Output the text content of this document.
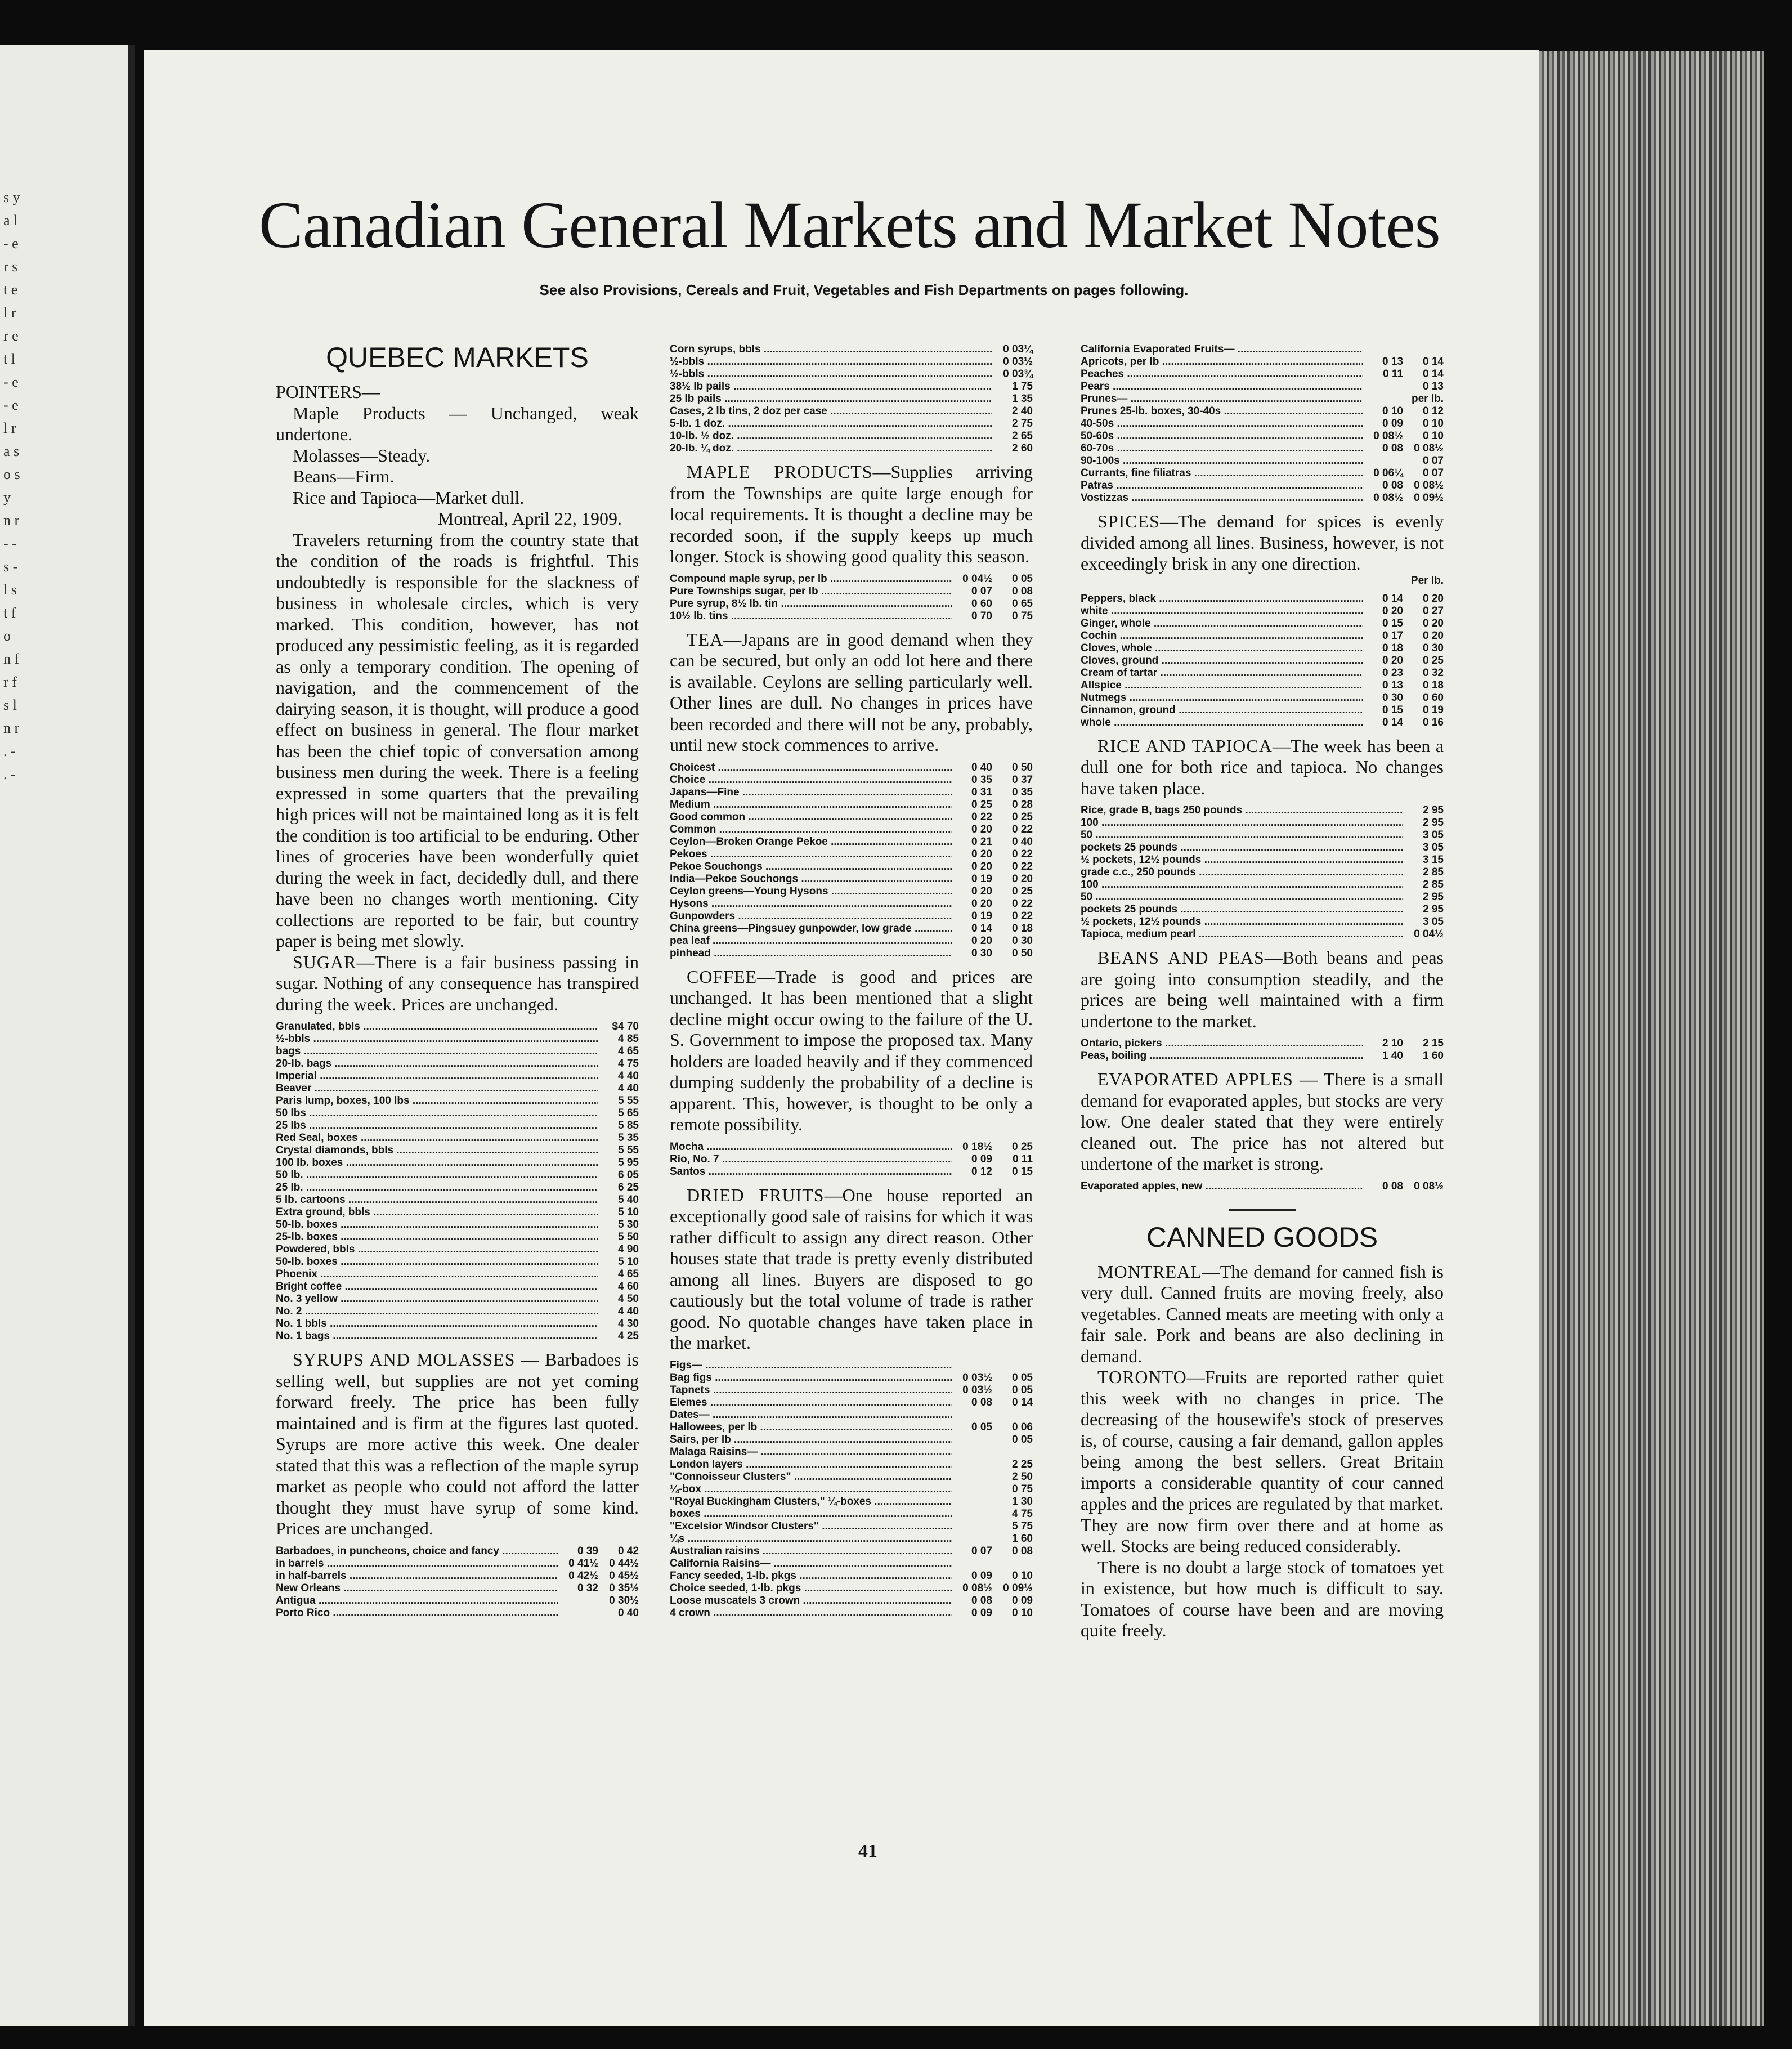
s y a l - e r s t e l r r e t l - e - e l r a s o s y n r - - s - l s t f o n f r f s l n r . - . -
Canadian General Markets and Market Notes
See also Provisions, Cereals and Fruit, Vegetables and Fish Departments on pages following.
QUEBEC MARKETS

POINTERS—

Maple Products — Unchanged, weak undertone.

Molasses—Steady.

Beans—Firm.

Rice and Tapioca—Market dull.

Montreal, April 22, 1909.

Travelers returning from the country state that the condition of the roads is frightful. This undoubtedly is responsible for the slackness of business in wholesale circles, which is very marked. This condition, however, has not produced any pessimistic feeling, as it is regarded as only a temporary condition. The opening of navigation, and the commencement of the dairying season, it is thought, will produce a good effect on business in general. The flour market has been the chief topic of conversation among business men during the week. There is a feeling expressed in some quarters that the prevailing high prices will not be maintained long as it is felt the condition is too artificial to be enduring. Other lines of groceries have been wonderfully quiet during the week in fact, decidedly dull, and there have been no changes worth mentioning. City collections are reported to be fair, but country paper is being met slowly.

SUGAR—There is a fair business passing in sugar. Nothing of any consequence has transpired during the week. Prices are unchanged.

Granulated, bbls .....	$4 70
½-bbls .....	4 85
bags .....	4 65
20-lb. bags .....	4 75
Imperial .....	4 40
Beaver .....	4 40
Paris lump, boxes, 100 lbs .....	5 55
50 lbs .....	5 65
25 lbs .....	5 85
Red Seal, boxes .....	5 35
Crystal diamonds, bbls .....	5 55
100 lb. boxes .....	5 95
50 lb. .....	6 05
25 lb. .....	6 25
5 lb. cartoons .....	5 40
Extra ground, bbls .....	5 10
50-lb. boxes .....	5 30
25-lb. boxes .....	5 50
Powdered, bbls .....	4 90
50-lb. boxes .....	5 10
Phoenix .....	4 65
Bright coffee .....	4 60
No. 3 yellow .....	4 50
No. 2 .....	4 40
No. 1 bbls .....	4 30
No. 1 bags .....	4 25

SYRUPS AND MOLASSES — Barbadoes is selling well, but supplies are not yet coming forward freely. The price has been fully maintained and is firm at the figures last quoted. Syrups are more active this week. One dealer stated that this was a reflection of the maple syrup market as people who could not afford the latter thought they must have syrup of some kind. Prices are unchanged.

Barbadoes, in puncheons, choice and fancy .....	0 39	0 42
in barrels .....	0 41½	0 44½
in half-barrels .....	0 42½	0 45½
New Orleans .....	0 32	0 35½
Antigua .....	0 30½
Porto Rico .....	0 40
Corn syrups, bbls .....	0 03¼
½-bbls .....	0 03½
½-bbls .....	0 03¾
38½ lb pails .....	1 75
25 lb pails .....	1 35
Cases, 2 lb tins, 2 doz per case .....	2 40
5-lb. 1 doz. .....	2 75
10-lb. ½ doz. .....	2 65
20-lb. ¼ doz. .....	2 60

MAPLE PRODUCTS—Supplies arriving from the Townships are quite large enough for local requirements. It is thought a decline may be recorded soon, if the supply keeps up much longer. Stock is showing good quality this season.

Compound maple syrup, per lb .....	0 04½	0 05
Pure Townships sugar, per lb .....	0 07	0 08
Pure syrup, 8½ lb. tin .....	0 60	0 65
10½ lb. tins .....	0 70	0 75

TEA—Japans are in good demand when they can be secured, but only an odd lot here and there is available. Ceylons are selling particularly well. Other lines are dull. No changes in prices have been recorded and there will not be any, probably, until new stock commences to arrive.

Choicest .....	0 40	0 50
Choice .....	0 35	0 37
Japans—Fine .....	0 31	0 35
Medium .....	0 25	0 28
Good common .....	0 22	0 25
Common .....	0 20	0 22
Ceylon—Broken Orange Pekoe .....	0 21	0 40
Pekoes .....	0 20	0 22
Pekoe Souchongs .....	0 20	0 22
India—Pekoe Souchongs .....	0 19	0 20
Ceylon greens—Young Hysons .....	0 20	0 25
Hysons .....	0 20	0 22
Gunpowders .....	0 19	0 22
China greens—Pingsuey gunpowder, low grade .....	0 14	0 18
pea leaf .....	0 20	0 30
pinhead .....	0 30	0 50

COFFEE—Trade is good and prices are unchanged. It has been mentioned that a slight decline might occur owing to the failure of the U. S. Government to impose the proposed tax. Many holders are loaded heavily and if they commenced dumping suddenly the probability of a decline is apparent. This, however, is thought to be only a remote possibility.

Mocha .....	0 18½	0 25
Rio, No. 7 .....	0 09	0 11
Santos .....	0 12	0 15

DRIED FRUITS—One house reported an exceptionally good sale of raisins for which it was rather difficult to assign any direct reason. Other houses state that trade is pretty evenly distributed among all lines. Buyers are disposed to go cautiously but the total volume of trade is rather good. No quotable changes have taken place in the market.

Figs— .....
Bag figs .....	0 03½	0 05
Tapnets .....	0 03½	0 05
Elemes .....	0 08	0 14
Dates— .....
Hallowees, per lb .....	0 05	0 06
Sairs, per lb .....	0 05
Malaga Raisins— .....
London layers .....	2 25
"Connoisseur Clusters" .....	2 50
¼-box .....	0 75
"Royal Buckingham Clusters," ¼-boxes .....	1 30
boxes .....	4 75
"Excelsior Windsor Clusters" .....	5 75
¼s .....	1 60
Australian raisins .....	0 07	0 08
California Raisins— .....
Fancy seeded, 1-lb. pkgs .....	0 09	0 10
Choice seeded, 1-lb. pkgs .....	0 08½	0 09½
Loose muscatels 3 crown .....	0 08	0 09
4 crown .....	0 09	0 10
California Evaporated Fruits— .....
Apricots, per lb .....	0 13	0 14
Peaches .....	0 11	0 14
Pears .....	0 13
Prunes— .....	per lb.
Prunes 25-lb. boxes, 30-40s .....	0 10	0 12
40-50s .....	0 09	0 10
50-60s .....	0 08½	0 10
60-70s .....	0 08	0 08½
90-100s .....	0 07
Currants, fine filiatras .....	0 06¼	0 07
Patras .....	0 08	0 08½
Vostizzas .....	0 08½	0 09½

SPICES—The demand for spices is evenly divided among all lines. Business, however, is not exceedingly brisk in any one direction.

Per lb.
Peppers, black .....	0 14	0 20
white .....	0 20	0 27
Ginger, whole .....	0 15	0 20
Cochin .....	0 17	0 20
Cloves, whole .....	0 18	0 30
Cloves, ground .....	0 20	0 25
Cream of tartar .....	0 23	0 32
Allspice .....	0 13	0 18
Nutmegs .....	0 30	0 60
Cinnamon, ground .....	0 15	0 19
whole .....	0 14	0 16

RICE AND TAPIOCA—The week has been a dull one for both rice and tapioca. No changes have taken place.

Rice, grade B, bags 250 pounds .....	2 95
100 .....	2 95
50 .....	3 05
pockets 25 pounds .....	3 05
½ pockets, 12½ pounds .....	3 15
grade c.c., 250 pounds .....	2 85
100 .....	2 85
50 .....	2 95
pockets 25 pounds .....	2 95
½ pockets, 12½ pounds .....	3 05
Tapioca, medium pearl .....	0 04½

BEANS AND PEAS—Both beans and peas are going into consumption steadily, and the prices are being well maintained with a firm undertone to the market.

Ontario, pickers .....	2 10	2 15
Peas, boiling .....	1 40	1 60

EVAPORATED APPLES — There is a small demand for evaporated apples, but stocks are very low. One dealer stated that they were entirely cleaned out. The price has not altered but undertone of the market is strong.

Evaporated apples, new .....	0 08	0 08½
CANNED GOODS

MONTREAL—The demand for canned fish is very dull. Canned fruits are moving freely, also vegetables. Canned meats are meeting with only a fair sale. Pork and beans are also declining in demand.

TORONTO—Fruits are reported rather quiet this week with no changes in price. The decreasing of the housewife's stock of preserves is, of course, causing a fair demand, gallon apples being among the best sellers. Great Britain imports a considerable quantity of cour canned apples and the prices are regulated by that market. They are now firm over there and at home as well. Stocks are being reduced considerably.

There is no doubt a large stock of tomatoes yet in existence, but how much is difficult to say. Tomatoes of course have been and are moving quite freely.

41
